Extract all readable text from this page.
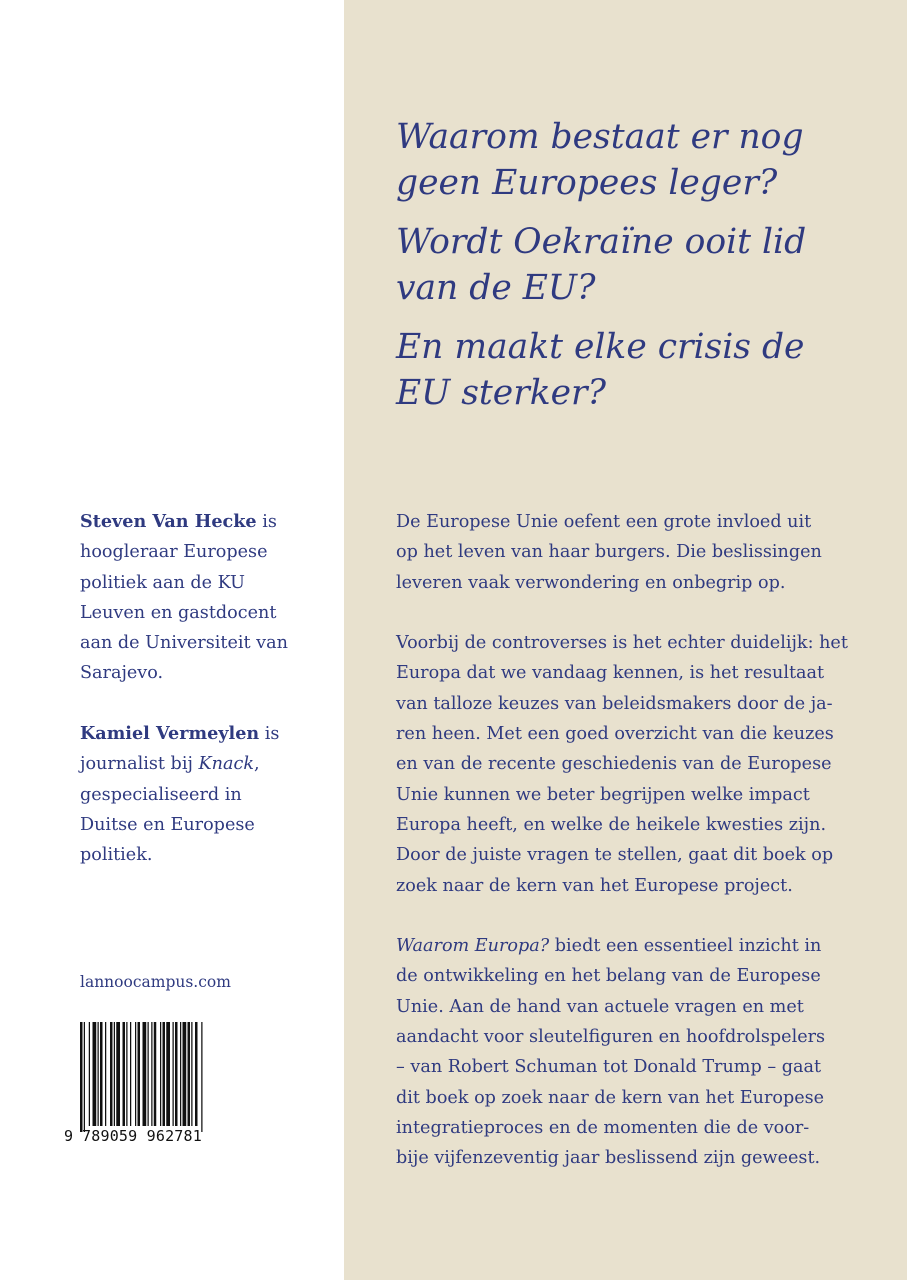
Waarom bestaat er nog
geen Europees leger?

Wordt Oekraïne ooit lid
van de EU?

En maakt elke crisis de
EU sterker?

De Europese Unie oefent een grote invloed uit
op het leven van haar burgers. Die beslissingen
leveren vaak verwondering en onbegrip op.

Voorbij de controverses is het echter duidelijk: het
Europa dat we vandaag kennen, is het resultaat
van talloze keuzes van beleidsmakers door de ja-
ren heen. Met een goed overzicht van die keuzes
en van de recente geschiedenis van de Europese
Unie kunnen we beter begrijpen welke impact
Europa heeft, en welke de heikele kwesties zijn.
Door de juiste vragen te stellen, gaat dit boek op
zoek naar de kern van het Europese project.

Waarom Europa? biedt een essentieel inzicht in
de ontwikkeling en het belang van de Europese
Unie. Aan de hand van actuele vragen en met
aandacht voor sleutelfiguren en hoofdrolspelers
– van Robert Schuman tot Donald Trump – gaat
dit boek op zoek naar de kern van het Europese
integratieproces en de momenten die de voor-
bije vijfenzeventig jaar beslissend zijn geweest.

Steven Van Hecke is
hoogleraar Europese
politiek aan de KU
Leuven en gastdocent
aan de Universiteit van
Sarajevo.

Kamiel Vermeylen is
journalist bij Knack,
gespecialiseerd in
Duitse en Europese
politiek.

lannoocampus.com
9 789059 962781
